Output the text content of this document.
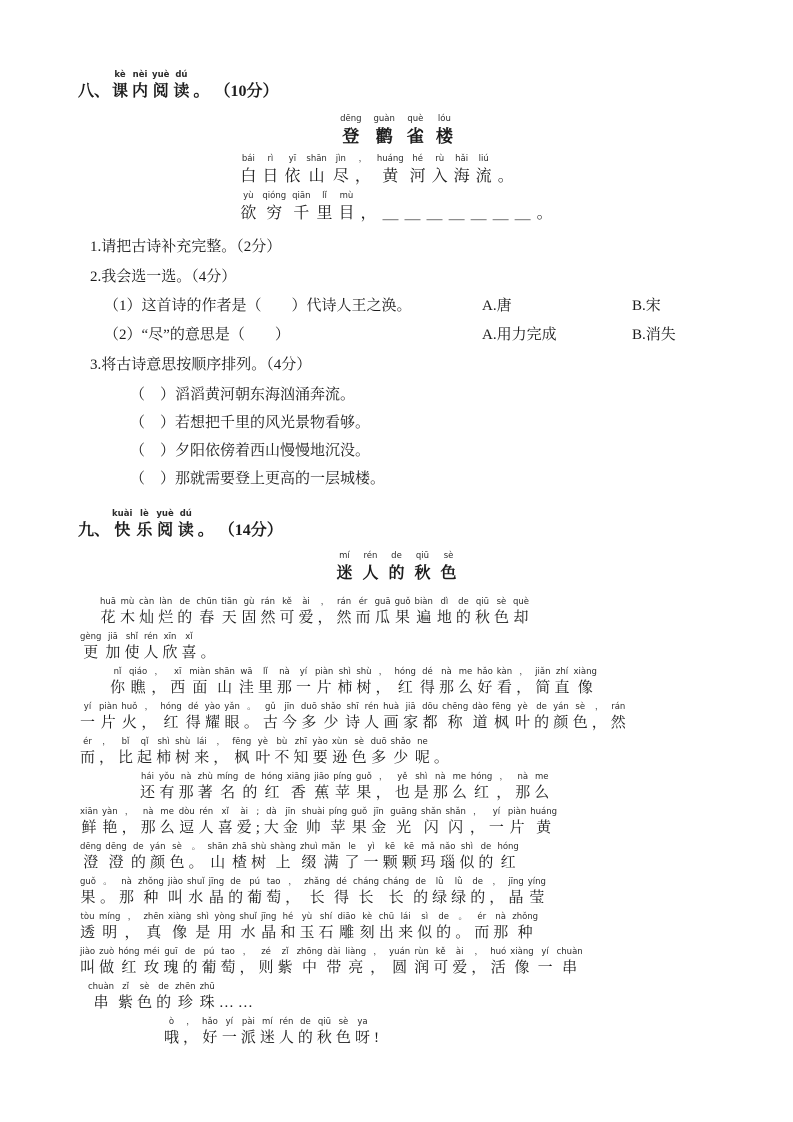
八、
kè
课
nèi
内
yuè
阅
dú
读
。 （10分）
dēng
登
guàn
鹳
què
雀
lóu
楼
bái
白
rì
日
yī
依
shān
山
jìn
尽
，
，
huáng
黄
hé
河
rù
入
hǎi
海
liú
流
。
yù
欲
qióng
穷
qiān
千
lǐ
里
mù
目
，
＿
＿
＿
＿
＿
＿
＿
。
1.请把古诗补充完整。（2分）
2.我会选一选。（4分）
（1）这首诗的作者是（　　）代诗人王之涣。	A.唐	B.宋
（2）“尽”的意思是（　　）	A.用力完成	B.消失
3.将古诗意思按顺序排列。（4分）
（　）滔滔黄河朝东海汹涌奔流。
（　）若想把千里的风光景物看够。
（　）夕阳依傍着西山慢慢地沉没。
（　）那就需要登上更高的一层城楼。
九、
kuài
快
lè
乐
yuè
阅
dú
读
。 （14分）
mí
迷
rén
人
de
的
qiū
秋
sè
色
huā
花
mù
木
càn
灿
làn
烂
de
的
chūn
春
tiān
天
gù
固
rán
然
kě
可
ài
爱
，
，
rán
然
ér
而
guā
瓜
guǒ
果
biàn
遍
dì
地
de
的
qiū
秋
sè
色
què
却
gèng
更
jiā
加
shǐ
使
rén
人
xīn
欣
xǐ
喜
。
nǐ
你
qiáo
瞧
，
，
xī
西
miàn
面
shān
山
wā
洼
lǐ
里
nà
那
yí
一
piàn
片
shì
柿
shù
树
，
，
hóng
红
dé
得
nà
那
me
么
hǎo
好
kàn
看
，
，
jiǎn
简
zhí
直
xiàng
像
yí
一
piàn
片
huǒ
火
，
，
hóng
红
dé
得
yào
耀
yǎn
眼
。
。
gǔ
古
jīn
今
duō
多
shǎo
少
shī
诗
rén
人
huà
画
jiā
家
dōu
都
chēng
称
dào
道
fēng
枫
yè
叶
de
的
yán
颜
sè
色
，
，
rán
然
ér
而
，
，
bǐ
比
qǐ
起
shì
柿
shù
树
lái
来
，
，
fēng
枫
yè
叶
bù
不
zhī
知
yào
要
xùn
逊
sè
色
duō
多
shǎo
少
ne
呢
。
hái
还
yǒu
有
nà
那
zhù
著
míng
名
de
的
hóng
红
xiāng
香
jiāo
蕉
píng
苹
guǒ
果
，
，
yě
也
shì
是
nà
那
me
么
hóng
红
，
，
nà
那
me
么
xiān
鲜
yàn
艳
，
，
nà
那
me
么
dòu
逗
rén
人
xǐ
喜
ài
爱
;
;
dà
大
jīn
金
shuài
帅
píng
苹
guǒ
果
jīn
金
guāng
光
shǎn
闪
shǎn
闪
，
，
yí
一
piàn
片
huáng
黄
dēng
澄
dēng
澄
de
的
yán
颜
sè
色
。
。
shān
山
zhā
楂
shù
树
shàng
上
zhuì
缀
mǎn
满
le
了
yì
一
kē
颗
kē
颗
mǎ
玛
nǎo
瑙
shì
似
de
的
hóng
红
guǒ
果
。
。
nà
那
zhǒng
种
jiào
叫
shuǐ
水
jīng
晶
de
的
pú
葡
tao
萄
，
，
zhǎng
长
dé
得
cháng
长
cháng
长
de
的
lǜ
绿
lǜ
绿
de
的
，
，
jīng
晶
yíng
莹
tòu
透
míng
明
，
，
zhēn
真
xiàng
像
shì
是
yòng
用
shuǐ
水
jīng
晶
hé
和
yù
玉
shí
石
diāo
雕
kè
刻
chū
出
lái
来
sì
似
de
的
。
。
ér
而
nà
那
zhǒng
种
jiào
叫
zuò
做
hóng
红
méi
玫
guī
瑰
de
的
pú
葡
tao
萄
，
，
zé
则
zǐ
紫
zhōng
中
dài
带
liàng
亮
，
，
yuán
圆
rùn
润
kě
可
ài
爱
，
，
huó
活
xiàng
像
yí
一
chuàn
串
chuàn
串
zǐ
紫
sè
色
de
的
zhēn
珍
zhū
珠
…
…
ò
哦
，
，
hǎo
好
yí
一
pài
派
mí
迷
rén
人
de
的
qiū
秋
sè
色
ya
呀
!
